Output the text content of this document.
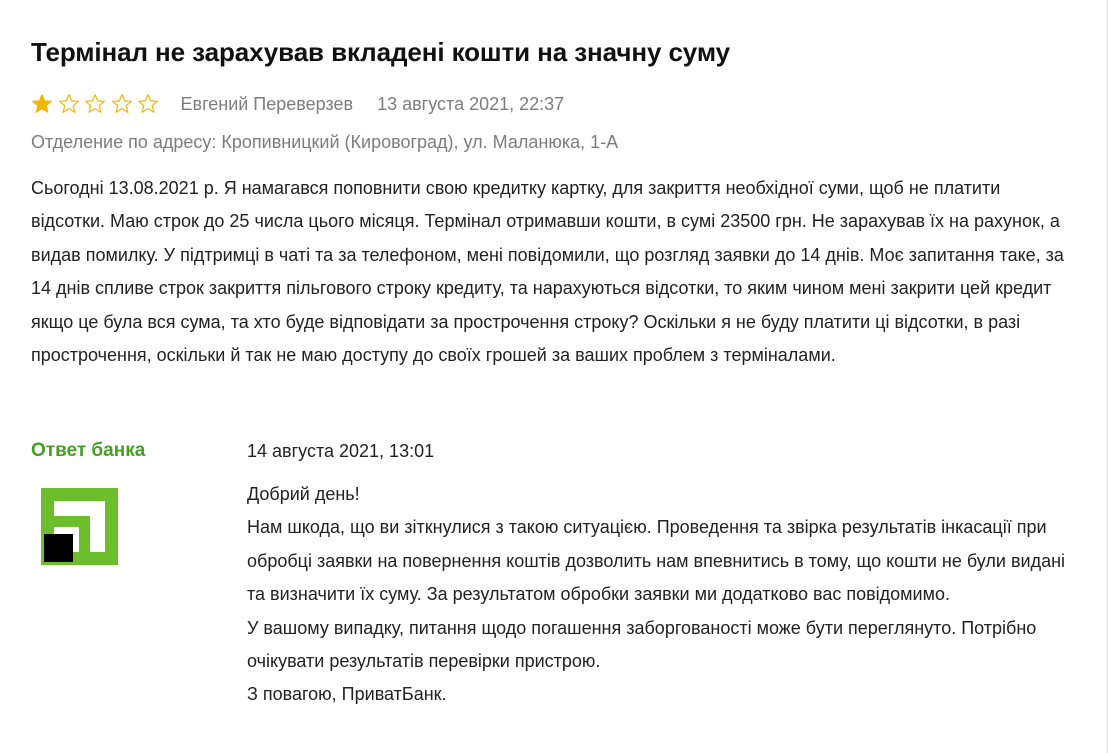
Термінал не зарахував вкладені кошти на значну суму
Евгений Переверзев 13 августа 2021, 22:37
Отделение по адресу: Кропивницкий (Кировоград), ул. Маланюка, 1-А
Сьогодні 13.08.2021 р. Я намагався поповнити свою кредитку картку, для закриття необхідної суми, щоб не платити відсотки. Маю строк до 25 числа цього місяця. Термінал отримавши кошти, в сумі 23500 грн. Не зарахував їх на рахунок, а видав помилку. У підтримці в чаті та за телефоном, мені повідомили, що розгляд заявки до 14 днів. Моє запитання таке, за 14 днів спливе строк закриття пільгового строку кредиту, та нарахуються відсотки, то яким чином мені закрити цей кредит якщо це була вся сума, та хто буде відповідати за прострочення строку? Оскільки я не буду платити ці відсотки, в разі прострочення, оскільки й так не маю доступу до своїх грошей за ваших проблем з терміналами.
Ответ банка	14 августа 2021, 13:01
Добрий день!
Нам шкода, що ви зіткнулися з такою ситуацією. Проведення та звірка результатів інкасації при обробці заявки на повернення коштів дозволить нам впевнитись в тому, що кошти не були видані та визначити їх суму. За результатом обробки заявки ми додатково вас повідомимо.
У вашому випадку, питання щодо погашення заборгованості може бути переглянуто. Потрібно очікувати результатів перевірки пристрою.
З повагою, ПриватБанк.
